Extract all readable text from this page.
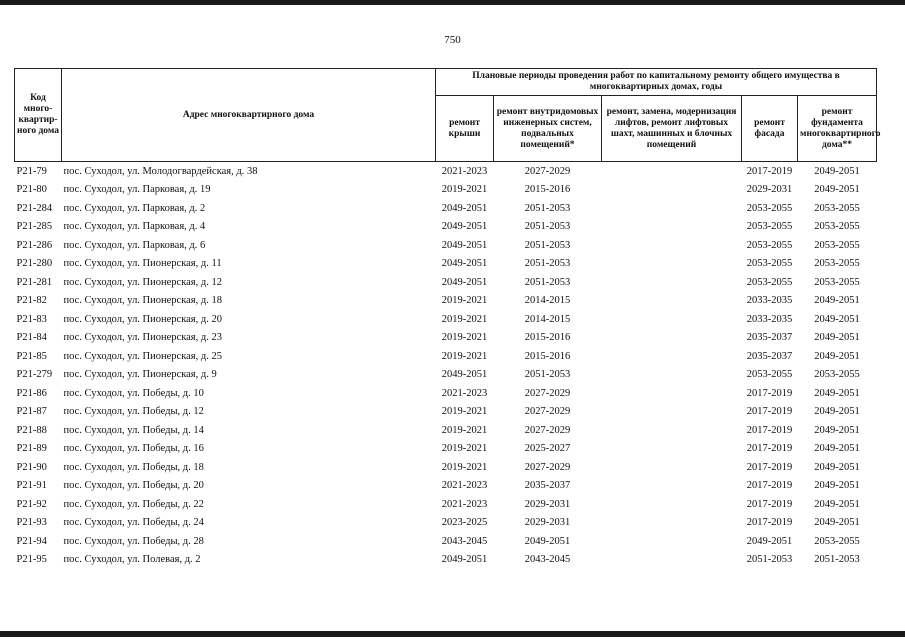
750
Код много-квартир-ного дома	Адрес многоквартирного дома	Плановые периоды проведения работ по капитальному ремонту общего имущества в многоквартирных домах, годы				
		ремонт крыши	ремонт внутридомовых инженерных систем, подвальных помещений*	ремонт, замена, модернизация лифтов, ремонт лифтовых шахт, машинных и блочных помещений	ремонт фасада	ремонт фундамента многоквартирного дома**
Р21-79	пос. Суходол, ул. Молодогвардейская, д. 38	2021-2023	2027-2029		2017-2019	2049-2051
Р21-80	пос. Суходол, ул. Парковая, д. 19	2019-2021	2015-2016		2029-2031	2049-2051
Р21-284	пос. Суходол, ул. Парковая, д. 2	2049-2051	2051-2053		2053-2055	2053-2055
Р21-285	пос. Суходол, ул. Парковая, д. 4	2049-2051	2051-2053		2053-2055	2053-2055
Р21-286	пос. Суходол, ул. Парковая, д. 6	2049-2051	2051-2053		2053-2055	2053-2055
Р21-280	пос. Суходол, ул. Пионерская, д. 11	2049-2051	2051-2053		2053-2055	2053-2055
Р21-281	пос. Суходол, ул. Пионерская, д. 12	2049-2051	2051-2053		2053-2055	2053-2055
Р21-82	пос. Суходол, ул. Пионерская, д. 18	2019-2021	2014-2015		2033-2035	2049-2051
Р21-83	пос. Суходол, ул. Пионерская, д. 20	2019-2021	2014-2015		2033-2035	2049-2051
Р21-84	пос. Суходол, ул. Пионерская, д. 23	2019-2021	2015-2016		2035-2037	2049-2051
Р21-85	пос. Суходол, ул. Пионерская, д. 25	2019-2021	2015-2016		2035-2037	2049-2051
Р21-279	пос. Суходол, ул. Пионерская, д. 9	2049-2051	2051-2053		2053-2055	2053-2055
Р21-86	пос. Суходол, ул. Победы, д. 10	2021-2023	2027-2029		2017-2019	2049-2051
Р21-87	пос. Суходол, ул. Победы, д. 12	2019-2021	2027-2029		2017-2019	2049-2051
Р21-88	пос. Суходол, ул. Победы, д. 14	2019-2021	2027-2029		2017-2019	2049-2051
Р21-89	пос. Суходол, ул. Победы, д. 16	2019-2021	2025-2027		2017-2019	2049-2051
Р21-90	пос. Суходол, ул. Победы, д. 18	2019-2021	2027-2029		2017-2019	2049-2051
Р21-91	пос. Суходол, ул. Победы, д. 20	2021-2023	2035-2037		2017-2019	2049-2051
Р21-92	пос. Суходол, ул. Победы, д. 22	2021-2023	2029-2031		2017-2019	2049-2051
Р21-93	пос. Суходол, ул. Победы, д. 24	2023-2025	2029-2031		2017-2019	2049-2051
Р21-94	пос. Суходол, ул. Победы, д. 28	2043-2045	2049-2051		2049-2051	2053-2055
Р21-95	пос. Суходол, ул. Полевая, д. 2	2049-2051	2043-2045		2051-2053	2051-2053
